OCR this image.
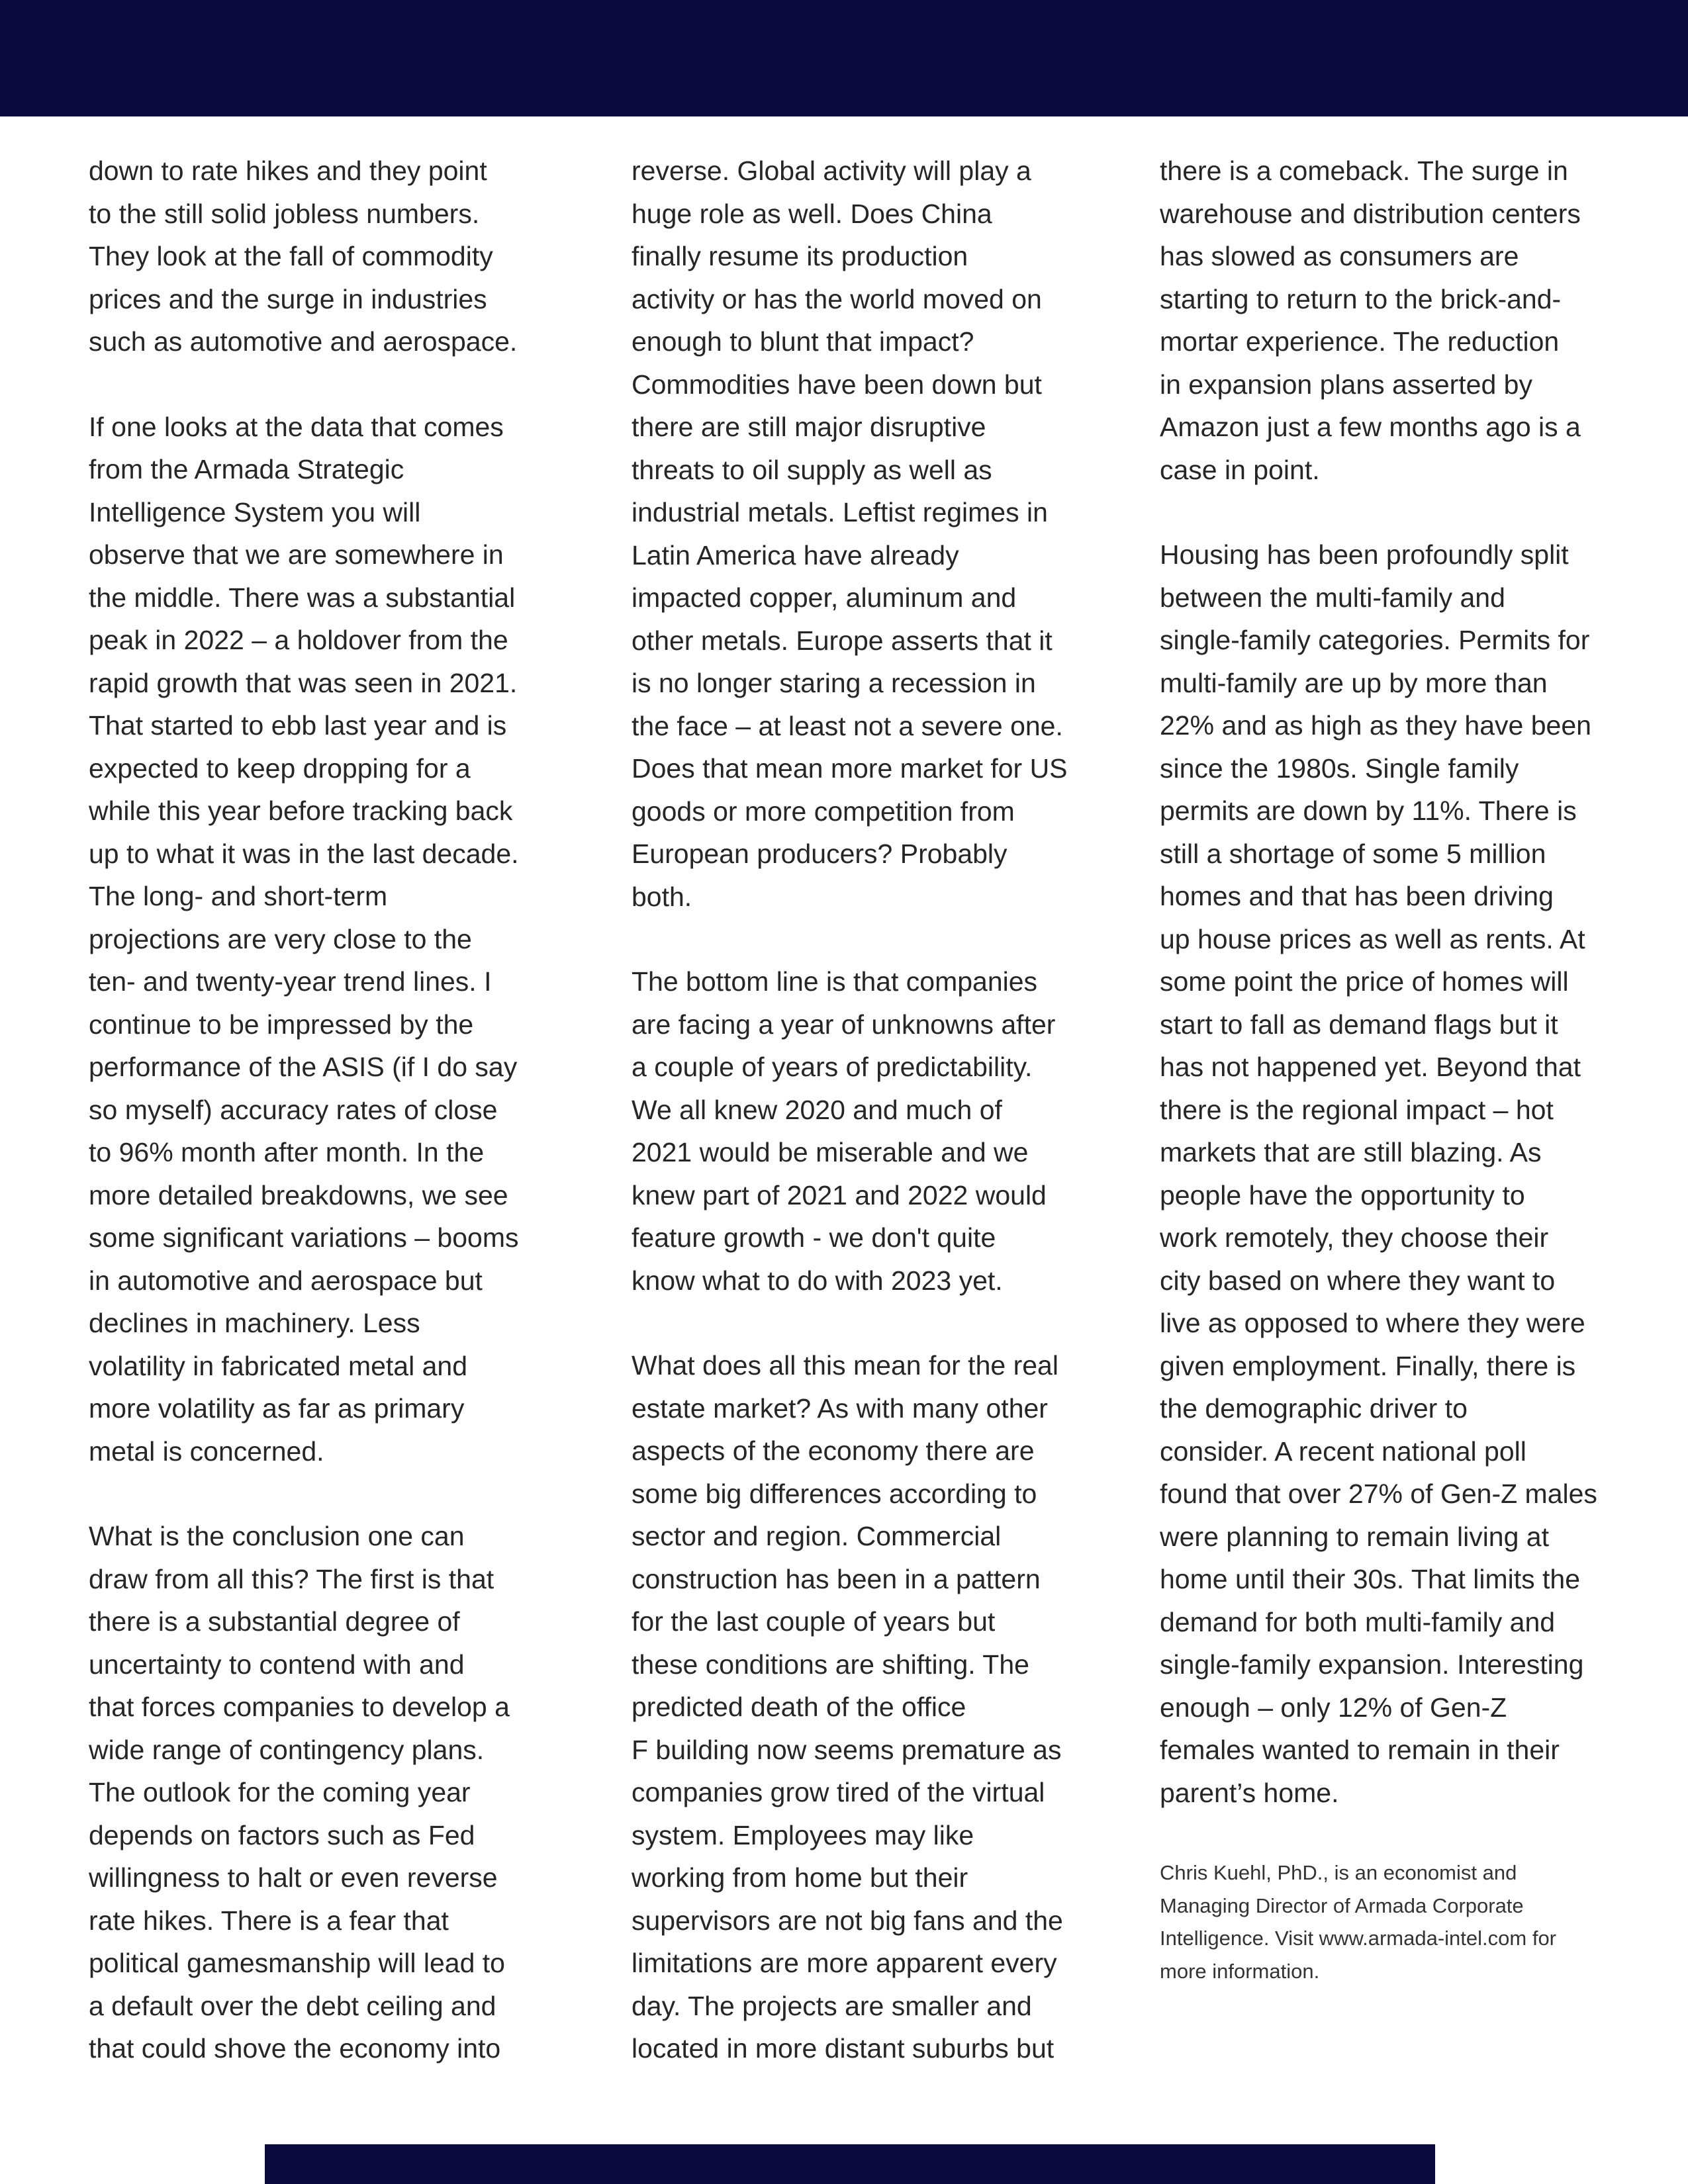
down to rate hikes and they point
to the still solid jobless numbers.
They look at the fall of commodity
prices and the surge in industries
such as automotive and aerospace.

If one looks at the data that comes
from the Armada Strategic
Intelligence System you will
observe that we are somewhere in
the middle. There was a substantial
peak in 2022 – a holdover from the
rapid growth that was seen in 2021.
That started to ebb last year and is
expected to keep dropping for a
while this year before tracking back
up to what it was in the last decade.
The long- and short-term
projections are very close to the
ten- and twenty-year trend lines. I
continue to be impressed by the
performance of the ASIS (if I do say
so myself) accuracy rates of close
to 96% month after month. In the
more detailed breakdowns, we see
some significant variations – booms
in automotive and aerospace but
declines in machinery. Less
volatility in fabricated metal and
more volatility as far as primary
metal is concerned.

What is the conclusion one can
draw from all this? The first is that
there is a substantial degree of
uncertainty to contend with and
that forces companies to develop a
wide range of contingency plans.
The outlook for the coming year
depends on factors such as Fed
willingness to halt or even reverse
rate hikes. There is a fear that
political gamesmanship will lead to
a default over the debt ceiling and
that could shove the economy into

reverse. Global activity will play a
huge role as well. Does China
finally resume its production
activity or has the world moved on
enough to blunt that impact?
Commodities have been down but
there are still major disruptive
threats to oil supply as well as
industrial metals. Leftist regimes in
Latin America have already
impacted copper, aluminum and
other metals. Europe asserts that it
is no longer staring a recession in
the face – at least not a severe one.
Does that mean more market for US
goods or more competition from
European producers? Probably
both.

The bottom line is that companies
are facing a year of unknowns after
a couple of years of predictability.
We all knew 2020 and much of
2021 would be miserable and we
knew part of 2021 and 2022 would
feature growth - we don't quite
know what to do with 2023 yet.

What does all this mean for the real
estate market? As with many other
aspects of the economy there are
some big differences according to
sector and region. Commercial
construction has been in a pattern
for the last couple of years but
these conditions are shifting. The
predicted death of the office
F building now seems premature as
companies grow tired of the virtual
system. Employees may like
working from home but their
supervisors are not big fans and the
limitations are more apparent every
day. The projects are smaller and
located in more distant suburbs but

there is a comeback. The surge in
warehouse and distribution centers
has slowed as consumers are
starting to return to the brick-and-
mortar experience. The reduction
in expansion plans asserted by
Amazon just a few months ago is a
case in point.

Housing has been profoundly split
between the multi-family and
single-family categories. Permits for
multi-family are up by more than
22% and as high as they have been
since the 1980s. Single family
permits are down by 11%. There is
still a shortage of some 5 million
homes and that has been driving
up house prices as well as rents. At
some point the price of homes will
start to fall as demand flags but it
has not happened yet. Beyond that
there is the regional impact – hot
markets that are still blazing. As
people have the opportunity to
work remotely, they choose their
city based on where they want to
live as opposed to where they were
given employment. Finally, there is
the demographic driver to
consider. A recent national poll
found that over 27% of Gen-Z males
were planning to remain living at
home until their 30s. That limits the
demand for both multi-family and
single-family expansion. Interesting
enough – only 12% of Gen-Z
females wanted to remain in their
parent’s home.

Chris Kuehl, PhD., is an economist and
Managing Director of Armada Corporate
Intelligence. Visit www.armada-intel.com for
more information.
